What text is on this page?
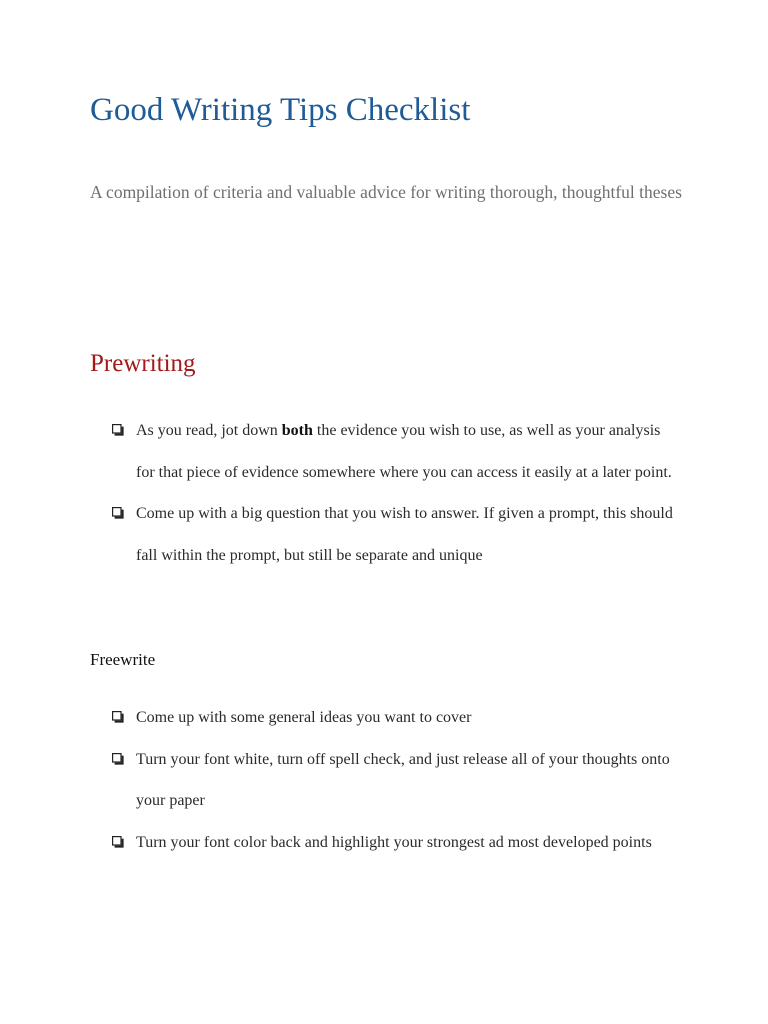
Good Writing Tips Checklist

A compilation of criteria and valuable advice for writing thorough, thoughtful theses

Prewriting
As you read, jot down both the evidence you wish to use, as well as your analysis for that piece of evidence somewhere where you can access it easily at a later point.
Come up with a big question that you wish to answer. If given a prompt, this should fall within the prompt, but still be separate and unique
Freewrite
Come up with some general ideas you want to cover
Turn your font white, turn off spell check, and just release all of your thoughts onto your paper
Turn your font color back and highlight your strongest ad most developed points
